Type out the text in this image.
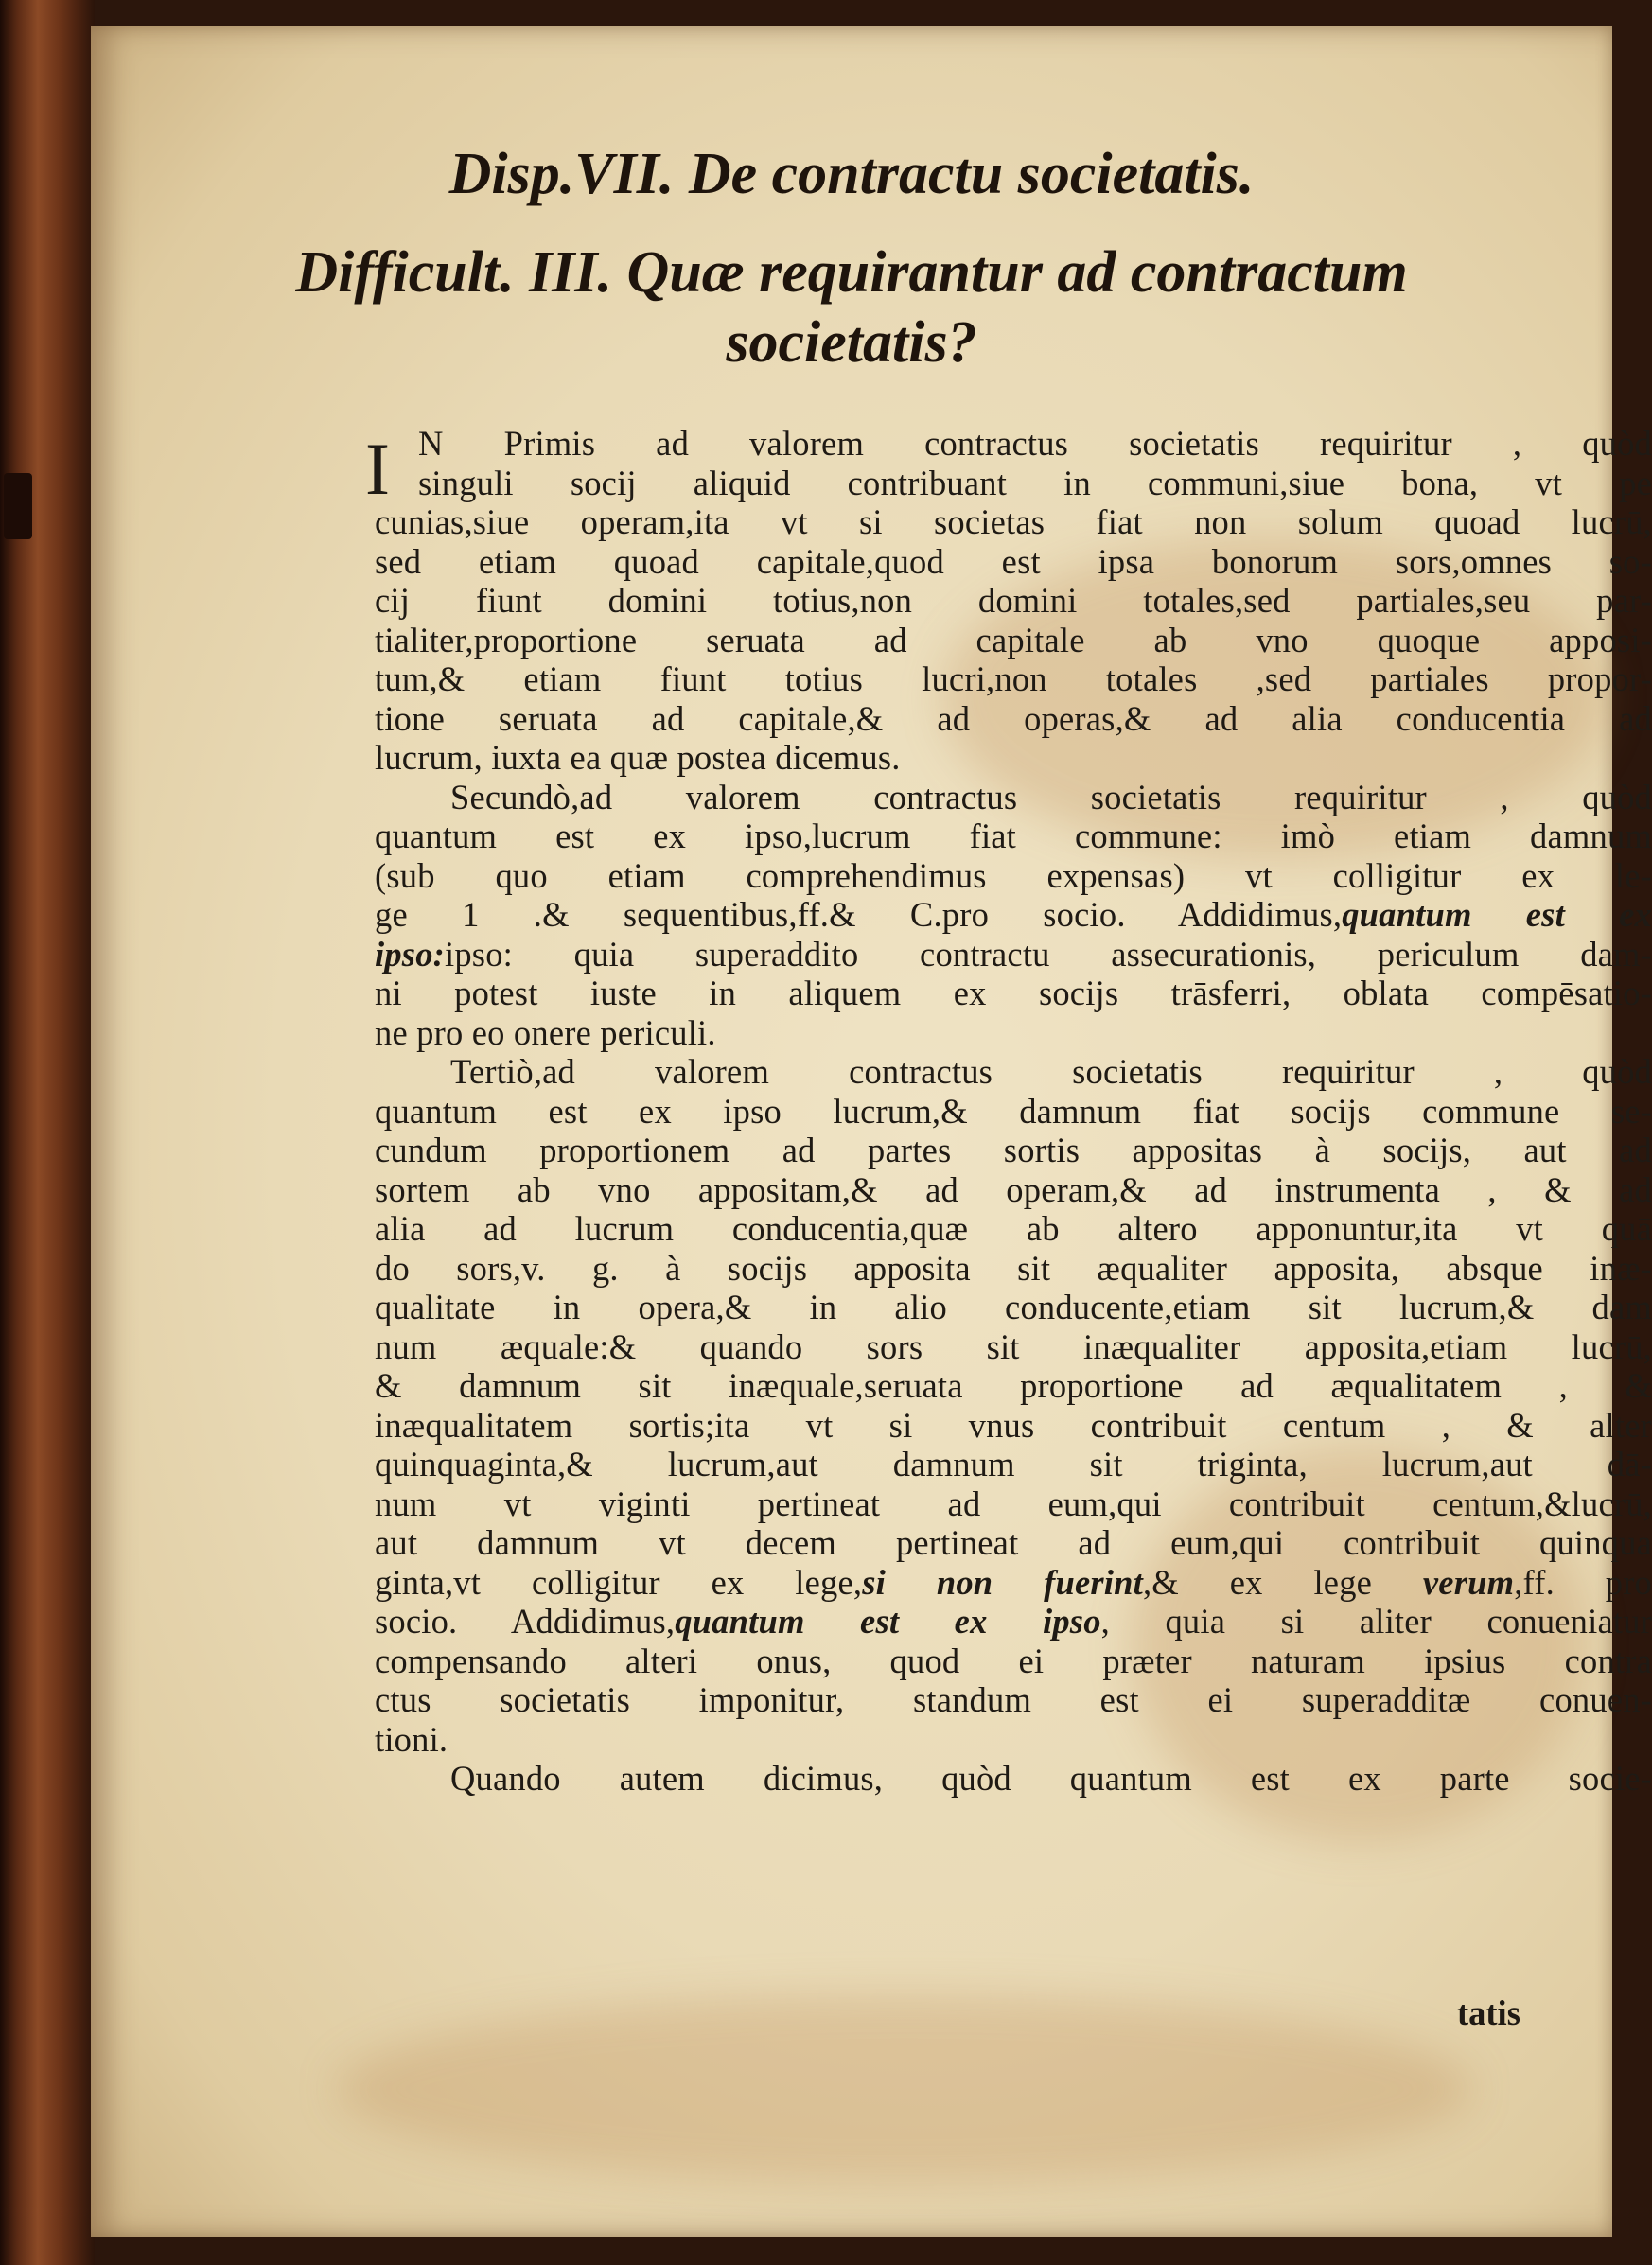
Disp.VII. De contractu societatis.
Difficult. III. Quæ requirantur ad contractum
societatis?
I N Primis ad valorem contractus societatis requiritur , quòd
singuli socij aliquid contribuant in communi,siue bona, vt pe
cunias,siue operam,ita vt si societas fiat non solum quoad lucrū,
sed etiam quoad capitale,quod est ipsa bonorum sors,omnes so-
cij fiunt domini totius,non domini totales,sed partiales,seu par-
tialiter,proportione seruata ad capitale ab vno quoque apposi-
tum,& etiam fiunt totius lucri,non totales ,sed partiales propor-
tione seruata ad capitale,& ad operas,& ad alia conducentia ad
lucrum, iuxta ea quæ postea dicemus.
Secundò,ad valorem contractus societatis requiritur , quòd
quantum est ex ipso,lucrum fiat commune: imò etiam damnum
(sub quo etiam comprehendimus expensas) vt colligitur ex le-
ge 1 .& sequentibus,ff.& C.pro socio. Addidimus,quantum est ex
ipso:ipso: quia superaddito contractu assecurationis, periculum dam-
ni potest iuste in aliquem ex socijs trāsferri, oblata compēsatio-
ne pro eo onere periculi.
Tertiò,ad valorem contractus societatis requiritur , quòd
quantum est ex ipso lucrum,& damnum fiat socijs commune se-
cundum proportionem ad partes sortis appositas à socijs, aut ad
sortem ab vno appositam,& ad operam,& ad instrumenta , & ad
alia ad lucrum conducentia,quæ ab altero apponuntur,ita vt quā
do sors,v. g. à socijs apposita sit æqualiter apposita, absque inæ-
qualitate in opera,& in alio conducente,etiam sit lucrum,& dam
num æquale:& quando sors sit inæqualiter apposita,etiam lucrū,
& damnum sit inæquale,seruata proportione ad æqualitatem , &
inæqualitatem sortis;ita vt si vnus contribuit centum , & alter
quinquaginta,& lucrum,aut damnum sit triginta, lucrum,aut dā-
num vt viginti pertineat ad eum,qui contribuit centum,&lucrū,
aut damnum vt decem pertineat ad eum,qui contribuit quinqua
ginta,vt colligitur ex lege,si non fuerint,& ex lege verum,ff. pro
socio. Addidimus,quantum est ex ipso, quia si aliter conueniatur
compensando alteri onus, quod ei præter naturam ipsius contra
ctus societatis imponitur, standum est ei superadditæ conuen-
tioni.
Quando autem dicimus, quòd quantum est ex parte socie-
tatis
